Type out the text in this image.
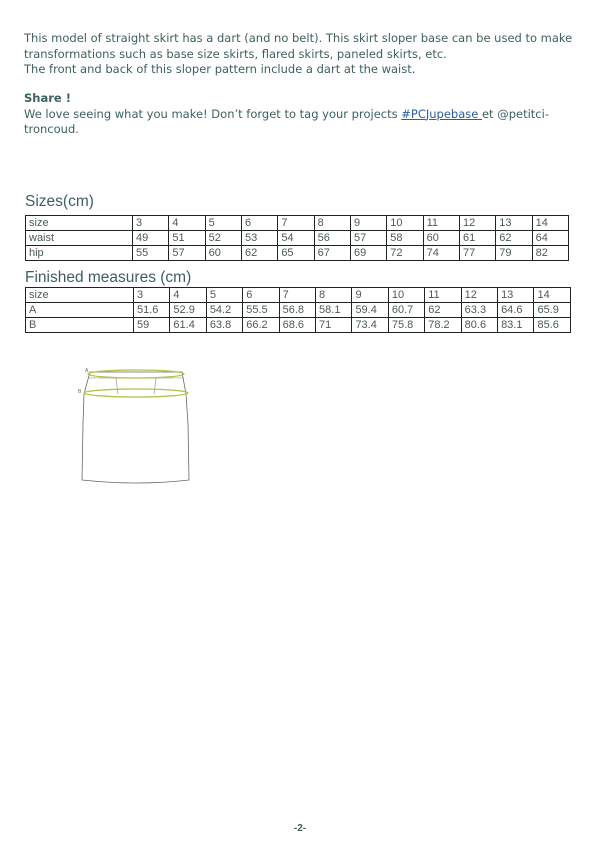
This model of straight skirt has a dart (and no belt). This skirt sloper base can be used to make

transformations such as base size skirts, flared skirts, paneled skirts, etc.

The front and back of this sloper pattern include a dart at the waist.

Share !

We love seeing what you make! Don’t forget to tag your projects #PCJupebase et @petitci-

troncoud.

Sizes(cm)
size	3	4	5	6	7	8	9	10	11	12	13	14
waist	49	51	52	53	54	56	57	58	60	61	62	64
hip	55	57	60	62	65	67	69	72	74	77	79	82
Finished measures (cm)
size	3	4	5	6	7	8	9	10	11	12	13	14
A	51.6	52.9	54.2	55.5	56.8	58.1	59.4	60.7	62	63.3	64.6	65.9
B	59	61.4	63.8	66.2	68.6	71	73.4	75.8	78.2	80.6	83.1	85.6
A
B
-2-
